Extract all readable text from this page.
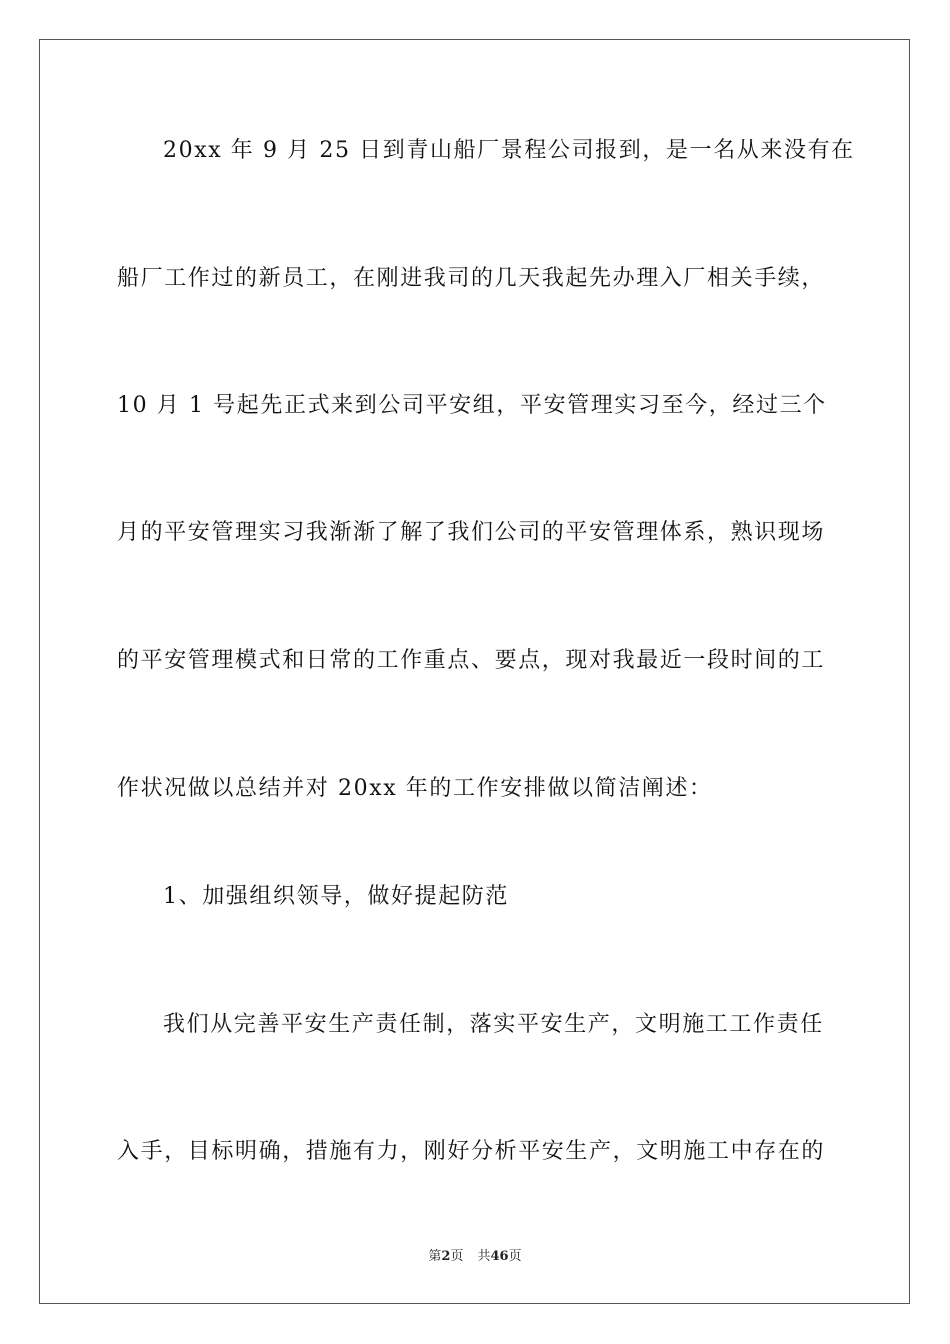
20xx 年 9 月 25 日到青山船厂景程公司报到，是一名从来没有在
船厂工作过的新员工，在刚进我司的几天我起先办理入厂相关手续，
10 月 1 号起先正式来到公司平安组，平安管理实习至今，经过三个
月的平安管理实习我渐渐了解了我们公司的平安管理体系，熟识现场
的平安管理模式和日常的工作重点、要点，现对我最近一段时间的工
作状况做以总结并对 20xx 年的工作安排做以简洁阐述：
1、加强组织领导，做好提起防范
我们从完善平安生产责任制，落实平安生产，文明施工工作责任
入手，目标明确，措施有力，刚好分析平安生产，文明施工中存在的
第2页 共46页
